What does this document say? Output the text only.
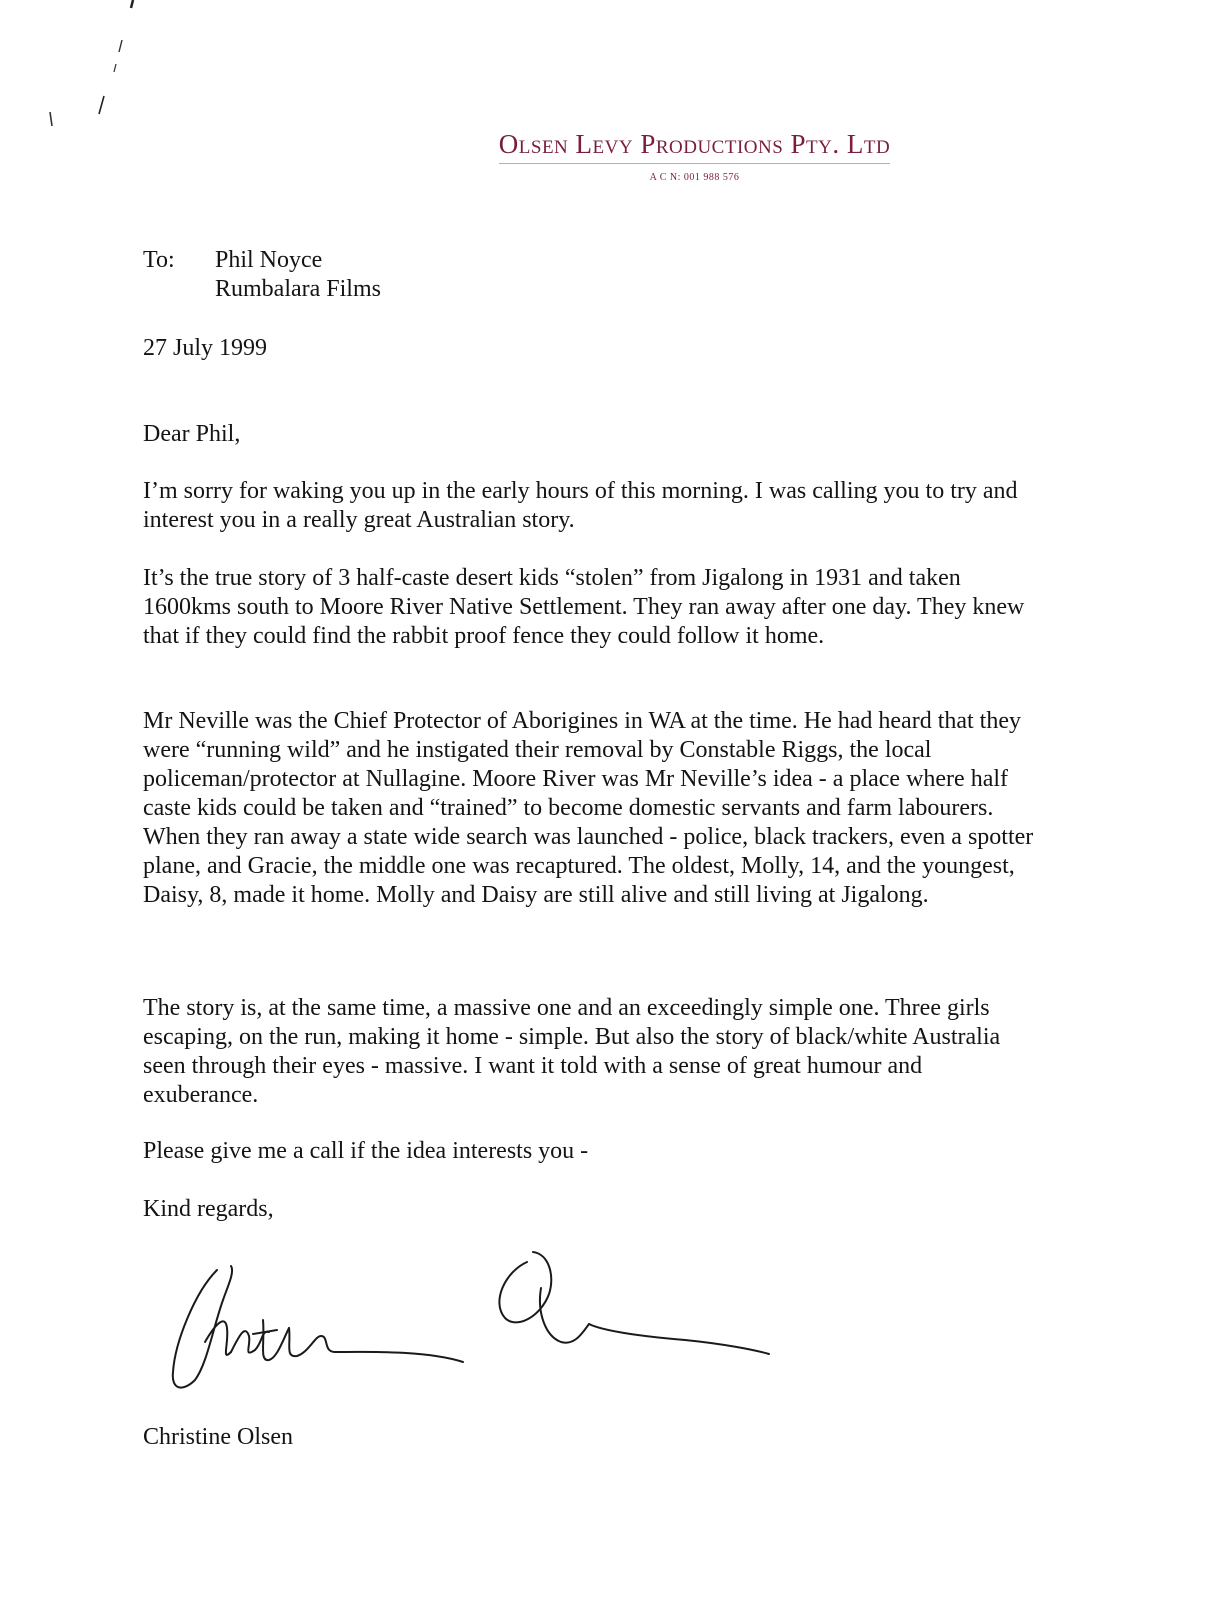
Olsen Levy Productions Pty. Ltd
A C N: 001 988 576
To:	Phil Noyce
Rumbalara Films
27 July 1999
Dear Phil,

I’m sorry for waking you up in the early hours of this morning. I was calling you to try and interest you in a really great Australian story.

It’s the true story of 3 half-caste desert kids “stolen” from Jigalong in 1931 and taken 1600kms south to Moore River Native Settlement. They ran away after one day. They knew that if they could find the rabbit proof fence they could follow it home.

Mr Neville was the Chief Protector of Aborigines in WA at the time. He had heard that they were “running wild” and he instigated their removal by Constable Riggs, the local policeman/protector at Nullagine. Moore River was Mr Neville’s idea - a place where half caste kids could be taken and “trained” to become domestic servants and farm labourers. When they ran away a state wide search was launched - police, black trackers, even a spotter plane, and Gracie, the middle one was recaptured. The oldest, Molly, 14, and the youngest, Daisy, 8, made it home. Molly and Daisy are still alive and still living at Jigalong.

The story is, at the same time, a massive one and an exceedingly simple one. Three girls escaping, on the run, making it home - simple. But also the story of black/white Australia seen through their eyes - massive. I want it told with a sense of great humour and exuberance.

Please give me a call if the idea interests you -

Kind regards,
Christine Olsen
